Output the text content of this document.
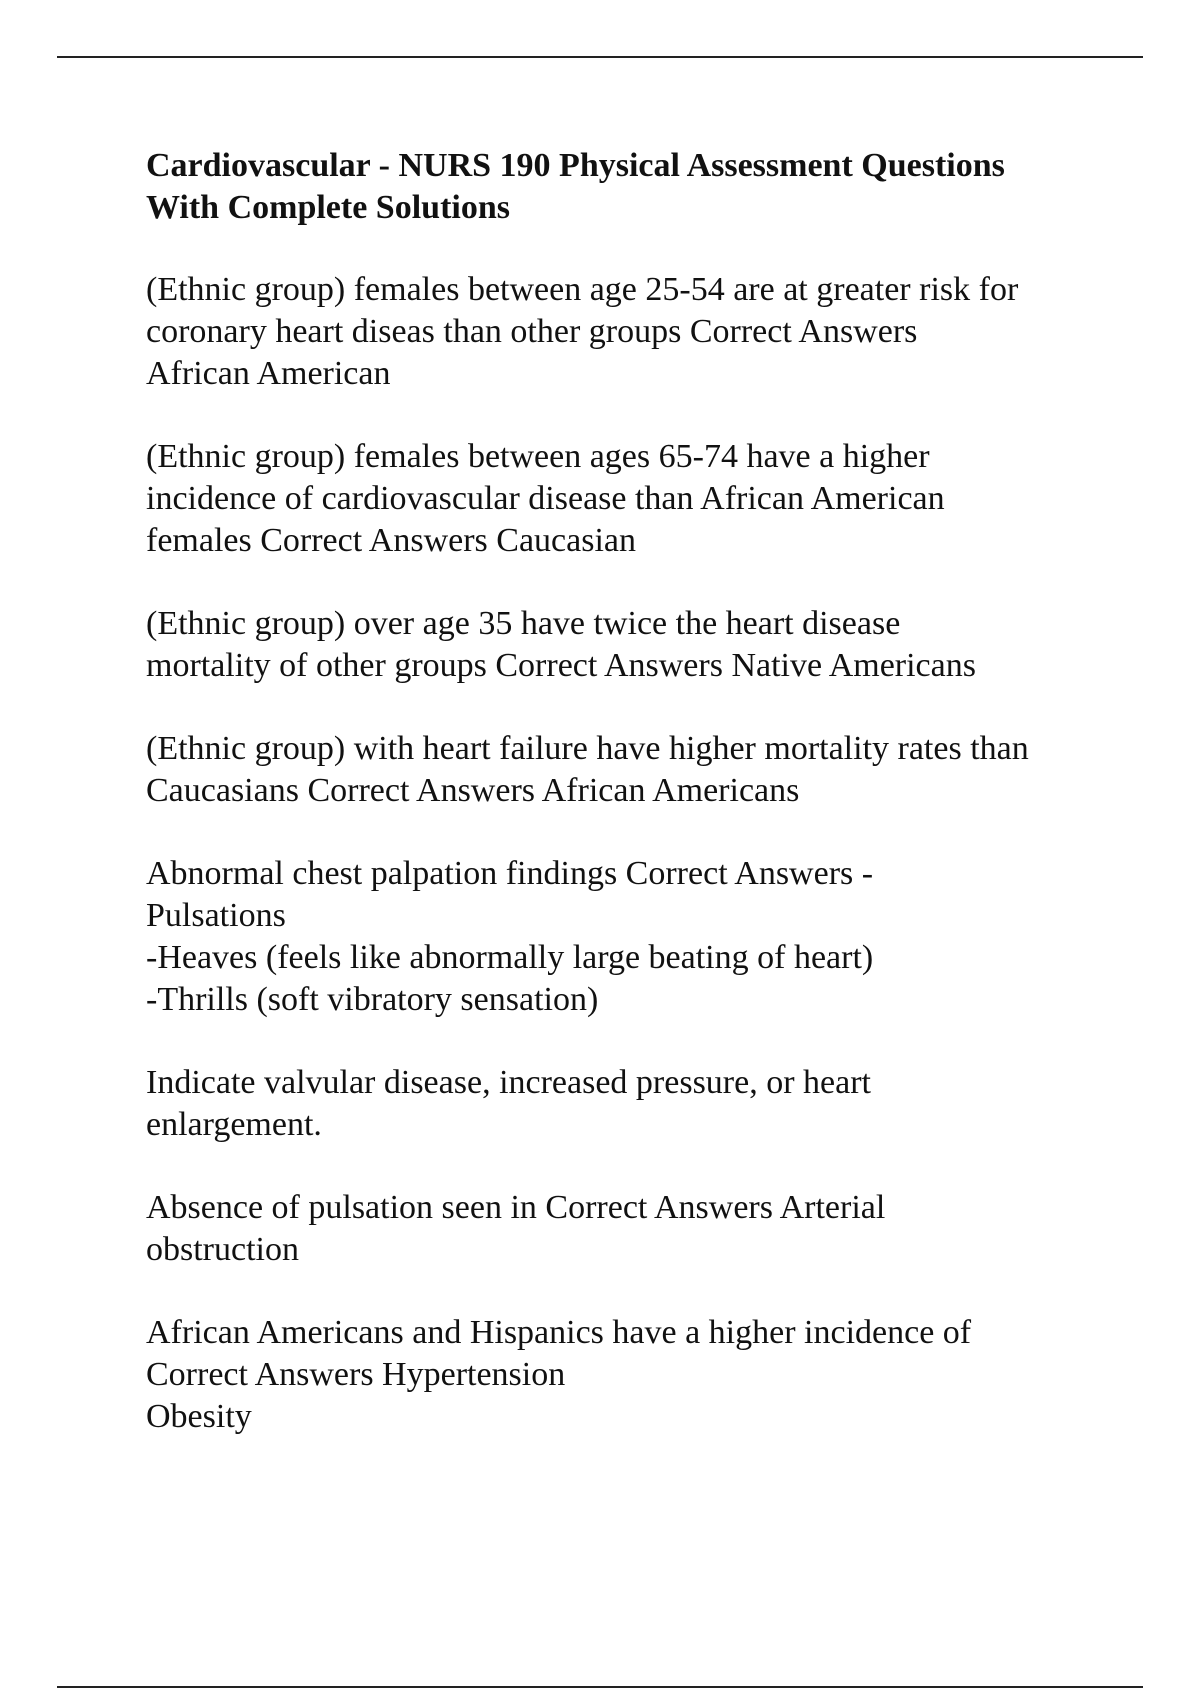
Cardiovascular - NURS 190 Physical Assessment Questions
With Complete Solutions

(Ethnic group) females between age 25-54 are at greater risk for
coronary heart diseas than other groups Correct Answers
African American

(Ethnic group) females between ages 65-74 have a higher
incidence of cardiovascular disease than African American
females Correct Answers Caucasian

(Ethnic group) over age 35 have twice the heart disease
mortality of other groups Correct Answers Native Americans

(Ethnic group) with heart failure have higher mortality rates than
Caucasians Correct Answers African Americans

Abnormal chest palpation findings Correct Answers -
Pulsations
-Heaves (feels like abnormally large beating of heart)
-Thrills (soft vibratory sensation)

Indicate valvular disease, increased pressure, or heart
enlargement.

Absence of pulsation seen in Correct Answers Arterial
obstruction

African Americans and Hispanics have a higher incidence of
Correct Answers Hypertension
Obesity
